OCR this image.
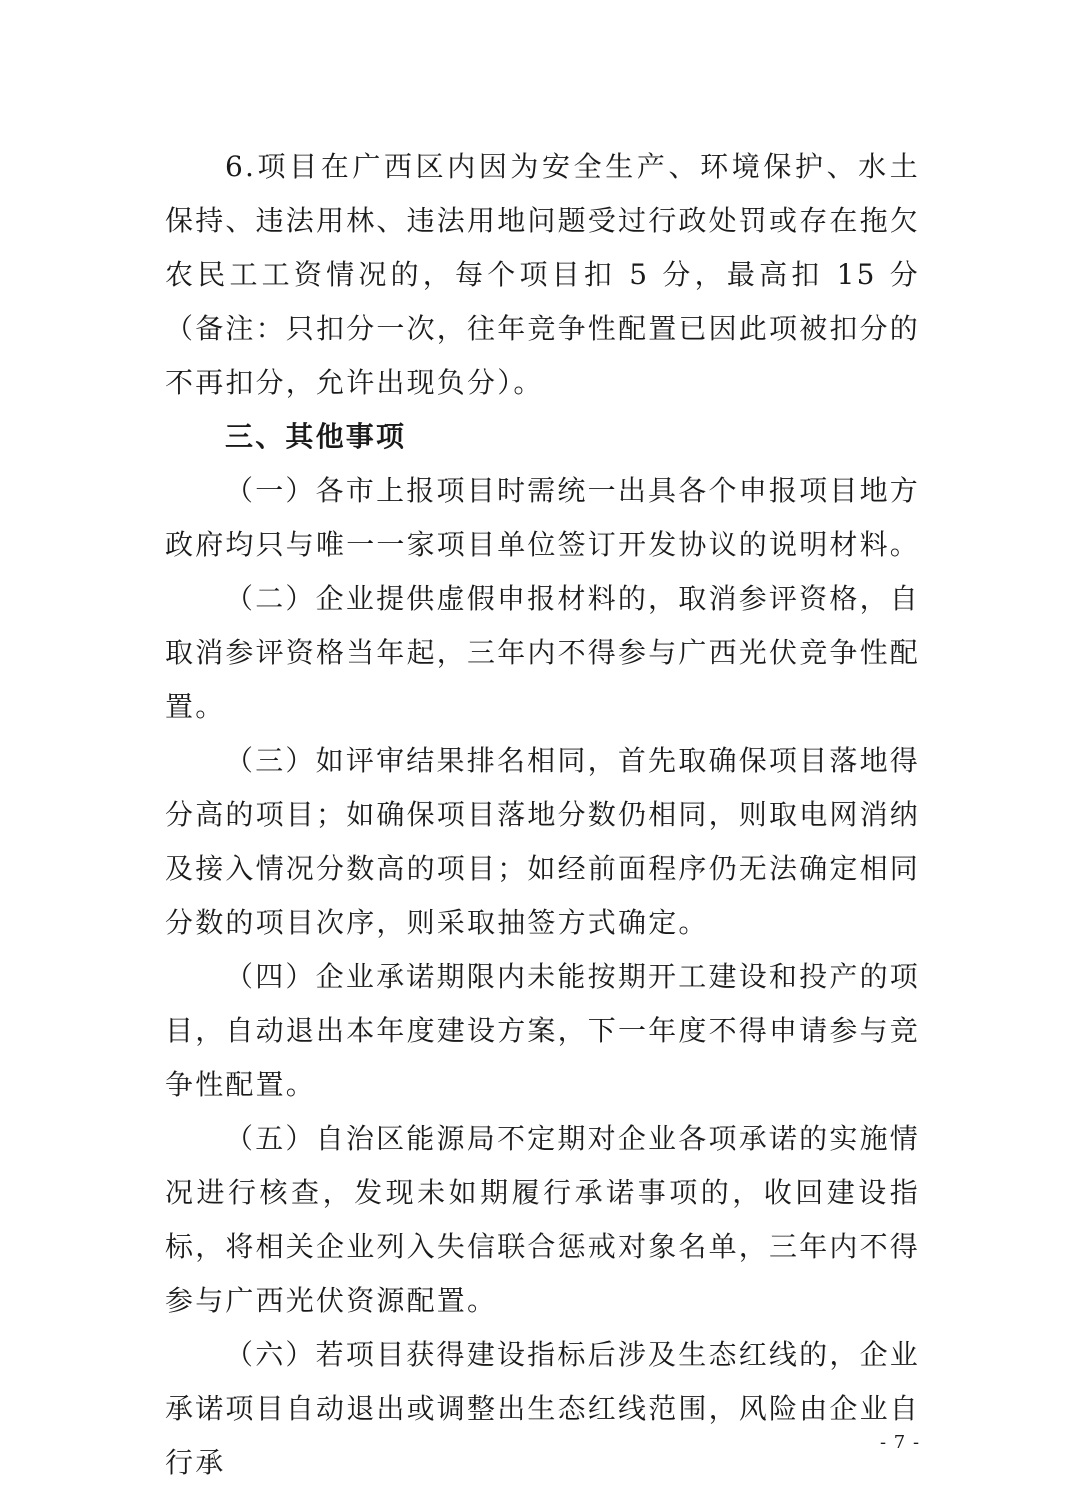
6.项目在广西区内因为安全生产、环境保护、水土保持、违法用林、违法用地问题受过行政处罚或存在拖欠农民工工资情况的，每个项目扣 5 分，最高扣 15 分（备注：只扣分一次，往年竞争性配置已因此项被扣分的不再扣分，允许出现负分）。

三、其他事项

（一）各市上报项目时需统一出具各个申报项目地方政府均只与唯一一家项目单位签订开发协议的说明材料。

（二）企业提供虚假申报材料的，取消参评资格，自取消参评资格当年起，三年内不得参与广西光伏竞争性配置。

（三）如评审结果排名相同，首先取确保项目落地得分高的项目；如确保项目落地分数仍相同，则取电网消纳及接入情况分数高的项目；如经前面程序仍无法确定相同分数的项目次序，则采取抽签方式确定。

（四）企业承诺期限内未能按期开工建设和投产的项目，自动退出本年度建设方案，下一年度不得申请参与竞争性配置。

（五）自治区能源局不定期对企业各项承诺的实施情况进行核查，发现未如期履行承诺事项的，收回建设指标，将相关企业列入失信联合惩戒对象名单，三年内不得参与广西光伏资源配置。

（六）若项目获得建设指标后涉及生态红线的，企业承诺项目自动退出或调整出生态红线范围，风险由企业自行承

- 7 -
